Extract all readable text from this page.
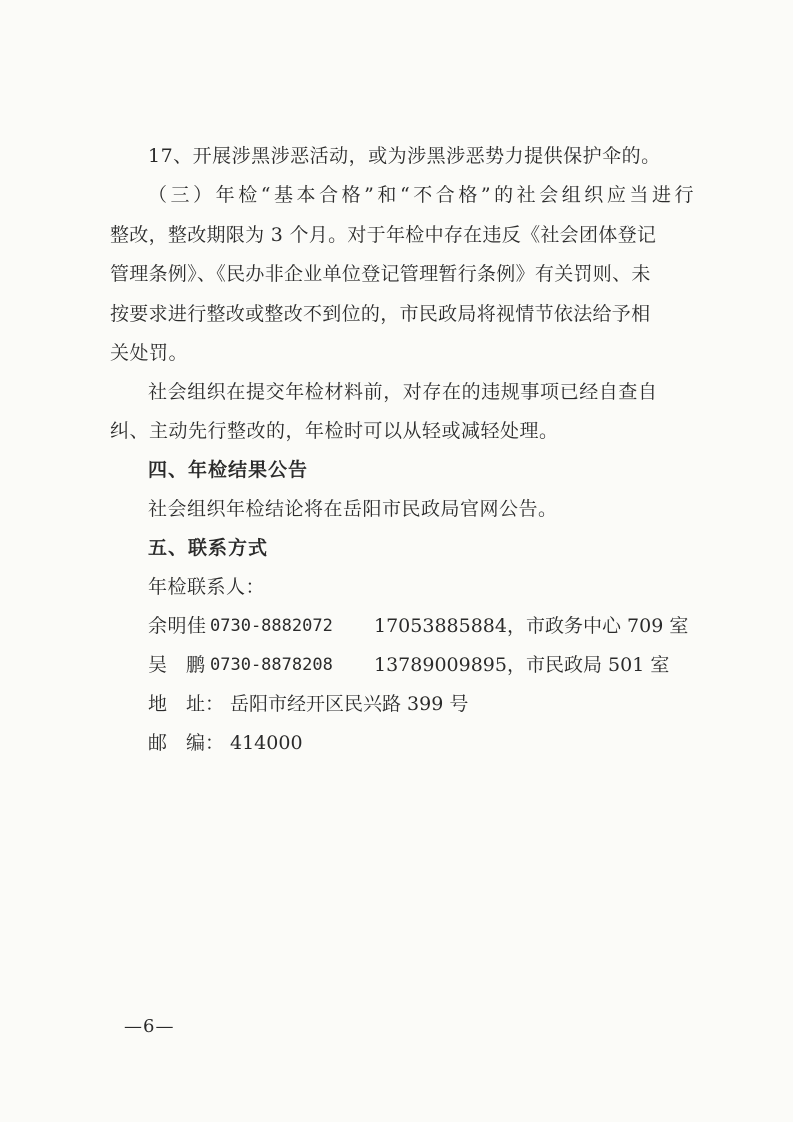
17、开展涉黑涉恶活动，或为涉黑涉恶势力提供保护伞的。
（ 三 ） 年 检 “ 基 本 合 格 ” 和 “ 不 合 格 ” 的 社 会 组 织 应 当 进 行
整改，整改期限为 3 个月。对于年检中存在违反《社会团体登记
管理条例》、《民办非企业单位登记管理暂行条例》有关罚则、未
按要求进行整改或整改不到位的，市民政局将视情节依法给予相
关处罚。
社会组织在提交年检材料前，对存在的违规事项已经自查自
纠、主动先行整改的，年检时可以从轻或减轻处理。
四、年检结果公告
社会组织年检结论将在岳阳市民政局官网公告。
五、联系方式
年检联系人：
余明佳 0730-8882072 17053885884，市政务中心 709 室
吴　鹏 0730-8878208 13789009895，市民政局 501 室
地　址： 岳阳市经开区民兴路 399 号
邮　编： 414000
—6—
